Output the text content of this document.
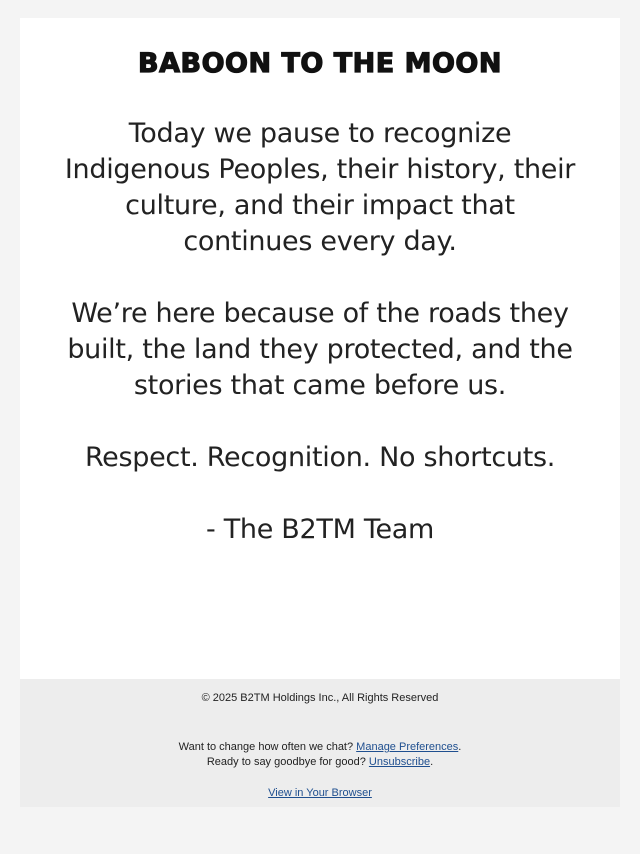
BABOON TO THE MOON

Today we pause to recognize Indigenous Peoples, their history, their culture, and their impact that continues every day.

We’re here because of the roads they built, the land they protected, and the stories that came before us.

Respect. Recognition. No shortcuts.

- The B2TM Team

© 2025 B2TM Holdings Inc., All Rights Reserved
Want to change how often we chat? Manage Preferences.
Ready to say goodbye for good? Unsubscribe.
View in Your Browser
